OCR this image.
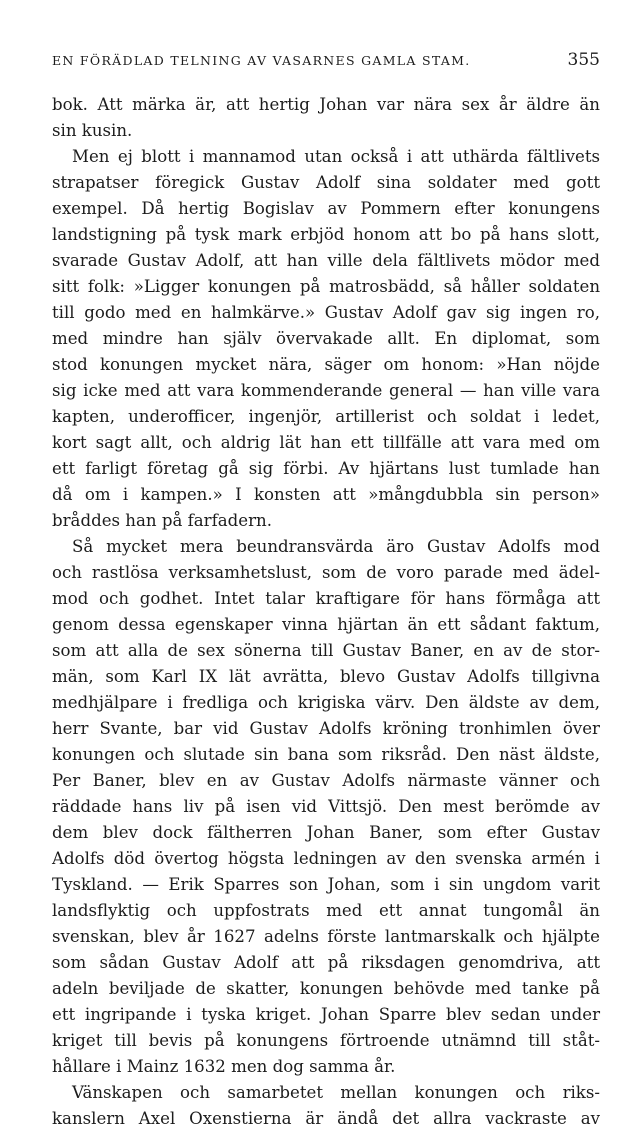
EN FÖRÄDLAD TELNING AV VASARNES GAMLA STAM.	355
bok. Att märka är, att hertig Johan var nära sex år äldre än
sin kusin.
Men ej blott i mannamod utan också i att uthärda fältlivets
strapatser föregick Gustav Adolf sina soldater med gott
exempel. Då hertig Bogislav av Pommern efter konungens
landstigning på tysk mark erbjöd honom att bo på hans slott,
svarade Gustav Adolf, att han ville dela fältlivets mödor med
sitt folk: »Ligger konungen på matrosbädd, så håller soldaten
till godo med en halmkärve.» Gustav Adolf gav sig ingen ro,
med mindre han själv övervakade allt. En diplomat, som
stod konungen mycket nära, säger om honom: »Han nöjde
sig icke med att vara kommenderande general — han ville vara
kapten, underofficer, ingenjör, artillerist och soldat i ledet,
kort sagt allt, och aldrig lät han ett tillfälle att vara med om
ett farligt företag gå sig förbi. Av hjärtans lust tumlade han
då om i kampen.» I konsten att »mångdubbla sin person»
bråddes han på farfadern.
Så mycket mera beundransvärda äro Gustav Adolfs mod
och rastlösa verksamhetslust, som de voro parade med ädel-
mod och godhet. Intet talar kraftigare för hans förmåga att
genom dessa egenskaper vinna hjärtan än ett sådant faktum,
som att alla de sex sönerna till Gustav Baner, en av de stor-
män, som Karl IX lät avrätta, blevo Gustav Adolfs tillgivna
medhjälpare i fredliga och krigiska värv. Den äldste av dem,
herr Svante, bar vid Gustav Adolfs kröning tronhimlen över
konungen och slutade sin bana som riksråd. Den näst äldste,
Per Baner, blev en av Gustav Adolfs närmaste vänner och
räddade hans liv på isen vid Vittsjö. Den mest berömde av
dem blev dock fältherren Johan Baner, som efter Gustav
Adolfs död övertog högsta ledningen av den svenska armén i
Tyskland. — Erik Sparres son Johan, som i sin ungdom varit
landsflyktig och uppfostrats med ett annat tungomål än
svenskan, blev år 1627 adelns förste lantmarskalk och hjälpte
som sådan Gustav Adolf att på riksdagen genomdriva, att
adeln beviljade de skatter, konungen behövde med tanke på
ett ingripande i tyska kriget. Johan Sparre blev sedan under
kriget till bevis på konungens förtroende utnämnd till ståt-
hållare i Mainz 1632 men dog samma år.
Vänskapen och samarbetet mellan konungen och riks-
kanslern Axel Oxenstierna är ändå det allra vackraste av
